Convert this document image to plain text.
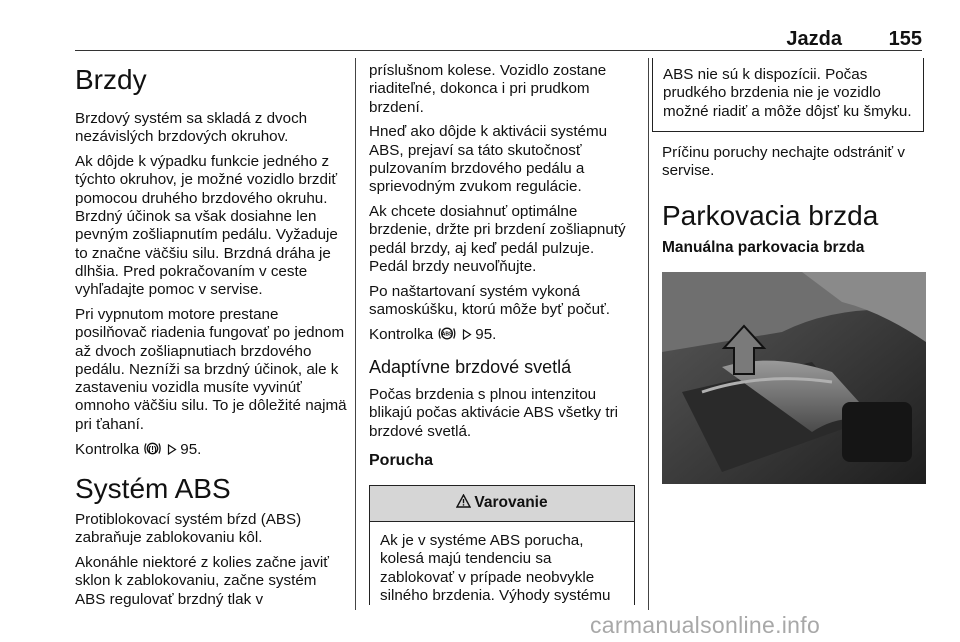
Jazda 155
Brzdy

Brzdový systém sa skladá z dvoch nezávislých brzdových okruhov.

Ak dôjde k výpadku funkcie jedného z týchto okruhov, je možné vozidlo brzdiť pomocou druhého brzdového okruhu. Brzdný účinok sa však dosiahne len pevným zošliapnutím pedálu. Vyžaduje to značne väčšiu silu. Brzdná dráha je dlhšia. Pred pokračovaním v ceste vyhľadajte pomoc v servise.

Pri vypnutom motore prestane posilňovač riadenia fungovať po jednom až dvoch zošliapnutiach brzdového pedálu. Nezníži sa brzdný účinok, ale k zastaveniu vozidla musíte vyvinúť omnoho väčšiu silu. To je dôležité najmä pri ťahaní.

Kontrolka (!) 95.

Systém ABS

Protiblokovací systém bŕzd (ABS) zabraňuje zablokovaniu kôl.

Akonáhle niektoré z kolies začne javiť sklon k zablokovaniu, začne systém ABS regulovať brzdný tlak v

príslušnom kolese. Vozidlo zostane riaditeľné, dokonca i pri prudkom brzdení.

Hneď ako dôjde k aktivácii systému ABS, prejaví sa táto skutočnosť pulzovaním brzdového pedálu a sprievodným zvukom regulácie.

Ak chcete dosiahnuť optimálne brzdenie, držte pri brzdení zošliapnutý pedál brzdy, aj keď pedál pulzuje. Pedál brzdy neuvoľňujte.

Po naštartovaní systém vykoná samoskúšku, ktorú môže byť počuť.

Kontrolka ABS 95.

Adaptívne brzdové svetlá

Počas brzdenia s plnou intenzitou blikajú počas aktivácie ABS všetky tri brzdové svetlá.

Porucha
Varovanie
Ak je v systéme ABS porucha, kolesá majú tendenciu sa zablokovať v prípade neobvykle silného brzdenia. Výhody systému

ABS nie sú k dispozícii. Počas prudkého brzdenia nie je vozidlo možné riadiť a môže dôjsť ku šmyku.

Príčinu poruchy nechajte odstrániť v servise.

Parkovacia brzda
Manuálna parkovacia brzda
carmanualsonline.info
